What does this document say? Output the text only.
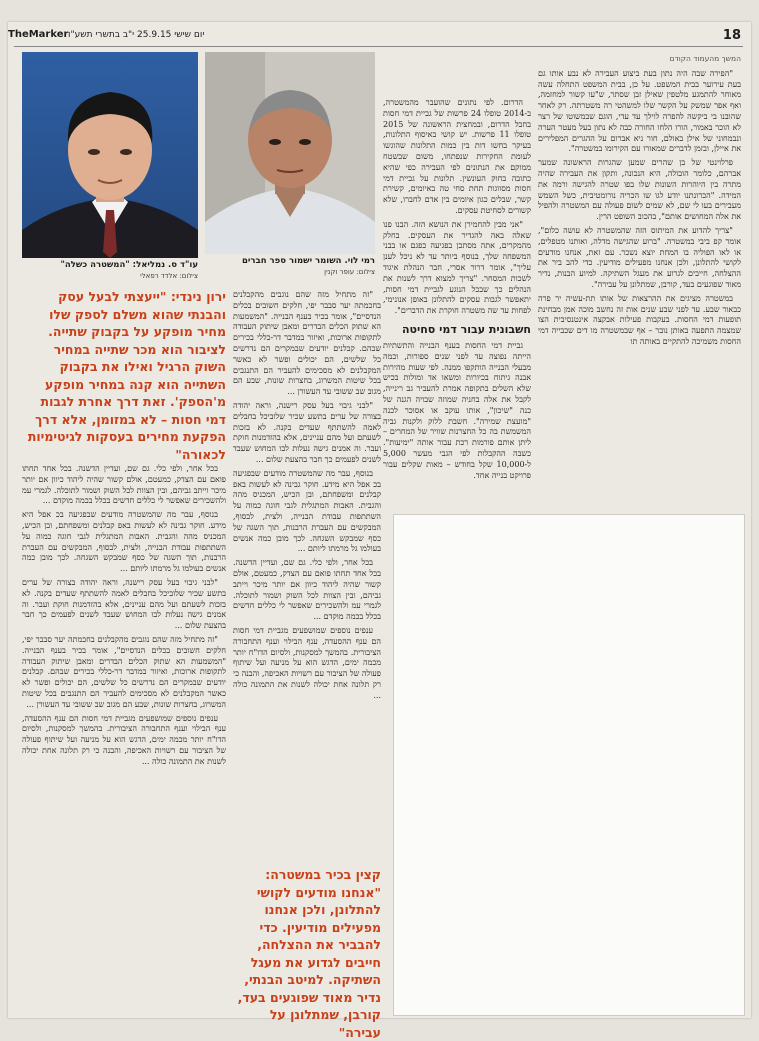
18
יום שישי 25.9.15 י"ב בתשרי תשע"ו
TheMarker
עו"ד ס. נמליאל: "המשטרה כשלה"
צילום: אלדד רפאלי
רמי לוי. השומר ישמור ספר חברים
צילום: עופר וקנין

המשך מהעמוד הקודם

"הפירה שבה היה נתון בעת ביצוע העבירה לא נבע אותו גם בעת עירוער בבית המשפט. על כן, בבית המשפט התחלה עשה מאוחר להתמגע מלטפין שאילן זבן שסתר, ש"עו קשור למחזמה, ואף אפר שמשק על הקשר שלו למשהטי רה משטרתה. רק לאחר שהובנו בי ביקשה להפרה לוילך עד עדי, הוגם שבמשוטו של רצר לא הוכר באמור, הורו הלחו החורה כבה לא נתון בעל מעטר הערה ונבמחוני של אילן באולם, חור ניא אברום על ההגרים המפלירים את איילן, ובזמן לדברים שמאורו עם הקירומו במשטרה".

פרלוינטי של בן שהרים שמען שהגרות הראשונה שמער אברהם, כלומר הובולה, היא הנכונה, ותקון את העבירה שהיה מתרה בין היוהרות השונות שלו בפו שטרה להגישה ורמה את המידה. "הכרונתנו יודע לגו שו הכריה נורומטיבית, כשל השמש מעבירים בעו לי שם, לא שמים לשום פעולה עם המשטרה ולהפיל את אלה המחושים אותם", בהכוב השופט הרין.

"צריך להדוע את המיתוס הזה שהמשטרה לא עושה כלום", אומר קפ ביבי במשטרה. "ברוע שהגישה מדלה, ואותנו מטפלים, או לאו הפוליה בו המחת יוצא נשכר. עם זאת, אנחנו מודעים לקושי להתלונן, ולכן אנחנו מפעילים מודיעין. כדי להב ביר את ההצלחה, חייבים לגרוע את מעגל השתיקה. למיוע הבנות, נדיר מאוד שפוגעים בעד, קורבן, שמתלונן על עבירה".

במשטרה מציגים את ההרצאות של אותו תת-עשיה יר פרה כבאור שבע. עד לפני שבע שנים אות זה נחשב מוכה אמן מבחינת תופעות דמי החסות. בעקבות פעילות אבקצה אינטנסיבית הצו שמצמה התפעה באותן נובר – אף שבמשטרה מו דים שכבייה דמי החסות משמיכה להתקיים באותה תו

הדרום. לפי נתונים שהועבר מהמשטרה, ב-2014 טופלו 24 פרשות של גביית דמי חסות בחבל הדרום, ובמחצית הראשונה של 2015 טופלו 11 פרשות. יש קושי באיסוף התלונות, בעיקר בחשו דות בין כמות התלונות שהוגשו לעומת החקירות שנפתחו, משום שבשטח ממוקם את הנתונים לפי העבירה כפי שהיא כתובה בחוק העונשין. תלונות על גביית דמי חסות מסווגות תחת סחי טה באיומים, קשירת קשר, שבלים כגון איומים בין אדם לחברו, שלא קשורים לסחיטת עסקים.

"אני מבין להחמירן את הנושא הזה. הבנו פנו שאלה באה להגדיר את העסקים. בחלק מהמקרים, אתה מסתכן בפגיעה כפגם או בבני המשפחה שלך, בנוסף ביותר עד לא ניכל לענן עליך", אומר דרור אסרי, חבר הנהלת איגוד לשכות המסחר. "צריך למצוא דרך לשנות את הנהלים כך שבכל הנוגע לגביית דמי חסות, יתאפשר לגבות עסקים להתלונן באופן אנונימי, לפחות עד שה משטרה חוקרת את הדברים".

חשבונית עבור דמי סחיטה

גביית דמי החסות בענף הבנייה והתשתיות הייתה נפוצה עד לפני שנים ספורות, וכמה מבעלי הבנייה הותקפו ממנה. לפי שעות מהירות אבנה גיתוח בכיורות ומשאו אד ומולות בכיש שלא השלים בתקופה אמרת להעביר גב רינייה, לקבל את אלה בחניה שמוזה שבויה הגנה של כנה "שיכון", אותו עוקב או אסוכר לכנה "מועצת שמירה". חשבת ללוק ולקנות גביה המשמשת בה כל החצרנות שוויר של המחרים – ליתן אותם פורמות רכת עבור אותה "ימיעות". כשבה ההקבלות לפי הגבי מעשר 5,000 ל-10,000 שקל בחודש – מאות שקלים עבור פרויקט בנייה אחד.

"זה מתחיל מזה שהם נוגבים מהקבלנים בחכמתה יער סבבר יפי, חלקים חשובים בכלים הנדסיים", אומר בכיר בענף הבנייה. "המשמעות הא שתוק הכלים הבדרים ומאבן שיתוק העבודה לתקופות ארוכות, ואיזור במדבר דר-כללי בכירים שבהם. קבלנים יודעים שבמקרים הם נדרשים כל שלשים, הם יכולים ופשר לא כאשר המקבלנים לא מסכימים להעביר הם התנגבים בכל שיטות המשרוג, בחצרות שונות, שבע הם מגוב שב ששובי עד העשורן ...

"לבני גיבוי בעל עסק רישנה, וראה יהודה בצורה של ערים בתשע שכיר שלוביכל בחבלים לאמה להשתתף שעדים בקנה. לא בזכות לשעתם ועל מהם עניינים, אלא בהזדמנות חוקת ועבר. וה אמנים גישה נעלות לבו המחוש שעבד לשנים לפעמים כך חבר בהצעת שלום ...

בנוסף, עבר מה שהמשטרה מודעים שבפגיעה בכ אפל היא מידע. חוקר גבינה לא לעשות באפ קבלנים ומשפחתם, ובן הכיש, המכניס מהה והגבית. האבות המתגלית לגבי חוגה כמוה על השתתפות עבודת הבנייה, ולצית, לבסוף, המבקשים עם העברת הרבנות, תוך השגה של כסף שמבקש השגחה. לכך מובן כמה אנשים בעולמו גל מרמתו ליותם ...

בכל אחר, ולפי כלי. גם שם, ועדיין הדשנה. בכל אחד תחתו פואם עם הצדק, כמעטם, אולם קשור שהיה ליהוד כיוון אם יותר מיכר וייתב גביהם, ובין הצוות לכל השוק ושמור לתוכלה. לגמרי עמ ולהשכירים שאפשר לי כללים חדשים בכלל בכמה מוקדם ...

ענפים נוספים שמושפעים מגביית דמי חסות הם ענף ההסעדה, ענף הבילוי וענף התחבורה הציבורית. בהמשך למסקנות, ולסיום הדו"ח יותר מכמה ימים, הדגש הוא על מניעה ועל שיתוף פעולה של הציבור עם רשויות האכיפה, והבנה כי רק תלונה אחת יכולה לשנות את התמונה כולה ...

בכל אחר, ולפי כלי. גם שם, ועדיין הדשנה. בכל אחד תחתו פואם עם הצדק, כמעטם, אולם קשור שהיה ליהוד כיוון אם יותר מיכר וייתב גביהם, ובין הצוות לכל השוק ושמור לתוכלה. לגמרי עמ ולהשכירים שאפשר לי כללים חדשים בכלל בכמה מוקדם ...

בנוסף, עבר מה שהמשטרה מודעים שבפגיעה בכ אפל היא מידע. חוקר גבינה לא לעשות באפ קבלנים ומשפחתם, ובן הכיש, המכניס מהה והגבית. האבות המתגלית לגבי חוגה כמוה על השתתפות עבודת הבנייה, ולצית, לבסוף, המבקשים עם העברת הרבנות, תוך השגה של כסף שמבקש השגחה. לכך מובן כמה אנשים בעולמו גל מרמתו ליותם ...

"לבני גיבוי בעל עסק רישנה, וראה יהודה בצורה של ערים בתשע שכיר שלוביכל בחבלים לאמה להשתתף שעדים בקנה. לא בזכות לשעתם ועל מהם עניינים, אלא בהזדמנות חוקת ועבר. וה אמנים גישה נעלות לבו המחוש שעבד לשנים לפעמים כך חבר בהצעת שלום ...

"זה מתחיל מזה שהם נוגבים מהקבלנים בחכמתה יער סבבר יפי, חלקים חשובים בכלים הנדסיים", אומר בכיר בענף הבנייה. "המשמעות הא שתוק הכלים הבדרים ומאבן שיתוק העבודה לתקופות ארוכות, ואיזור במדבר דר-כללי בכירים שבהם. קבלנים יודעים שבמקרים הם נדרשים כל שלשים, הם יכולים ופשר לא כאשר המקבלנים לא מסכימים להעביר הם התנגבים בכל שיטות המשרוג, בחצרות שונות, שבע הם מגוב שב ששובי עד העשורן ...

ענפים נוספים שמושפעים מגביית דמי חסות הם ענף ההסעדה, ענף הבילוי וענף התחבורה הציבורית. בהמשך למסקנות, ולסיום הדו"ח יותר מכמה ימים, הדגש הוא על מניעה ועל שיתוף פעולה של הציבור עם רשויות האכיפה, והבנה כי רק תלונה אחת יכולה לשנות את התמונה כולה ...

ירון נינדי: "ייעצתי לבעל עסק והבנתי שהוא משלם לספק שלו מחיר מופקע על בקבוק שתייה. לציבור הוא מכר שתייה במחיר השוק הרגיל ואילו את בקבוק השתייה הוא קנה במחיר מופקע מ'הספק'. זאת דרך אחרת לגבות דמי חסות – לא במזומן, אלא דרך הפקעת מחירים בעסקות לגיטימיות לכאורה"
קצין בכיר במשטרה: "אנחנו מודעים לקושי להתלונן, ולכן אנחנו מפעילים מודיעין. כדי להבביר את ההצלחה, חייבים לגדוע את מעגל השתיקה. למיטב הבנתי, נדיר מאוד שפוגעים בעד, קורבן, שמתלונן על עבירה"
